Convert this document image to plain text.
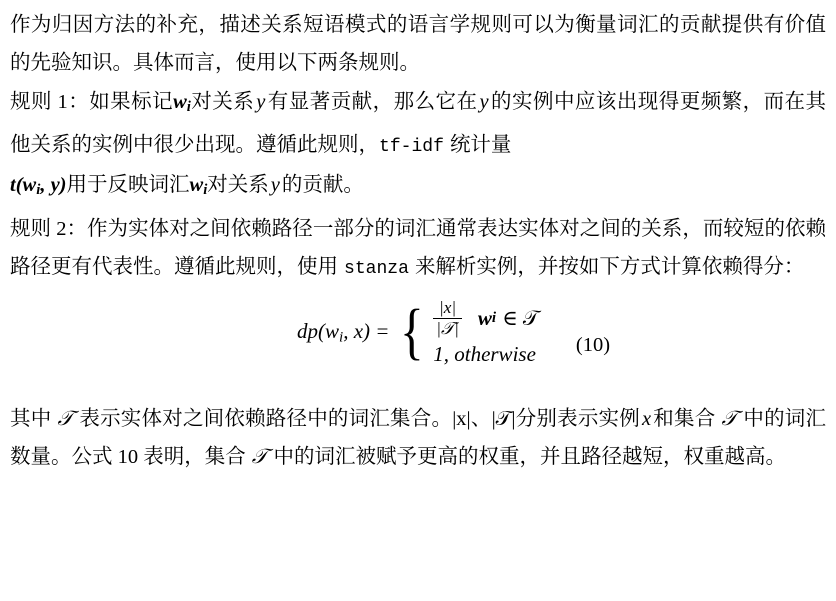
作为归因方法的补充，描述关系短语模式的语言学规则可以为衡量词汇的贡献提供有价值的先验知识。具体而言，使用以下两条规则。

规则 1：如果标记wi对关系y有显著贡献，那么它在y的实例中应该出现得更频繁，而在其他关系的实例中很少出现。遵循此规则，tf-idf 统计量
t(wi, y)用于反映词汇wi对关系y的贡献。

规则 2：作为实体对之间依赖路径一部分的词汇通常表达实体对之间的关系，而较短的依赖路径更有代表性。遵循此规则，使用 stanza 来解析实例，并按如下方式计算依赖得分：

dp(wi, x) = { $\frac{|x|}{\text{|𝒯|}}$ w i ∈ 𝒯
1, otherwise	(10)

其中 𝒯 表示实体对之间依赖路径中的词汇集合。|x|、|𝒯|分别表示实例x和集合 𝒯 中的词汇数量。公式 10 表明，集合 𝒯 中的词汇被赋予更高的权重，并且路径越短，权重越高。
